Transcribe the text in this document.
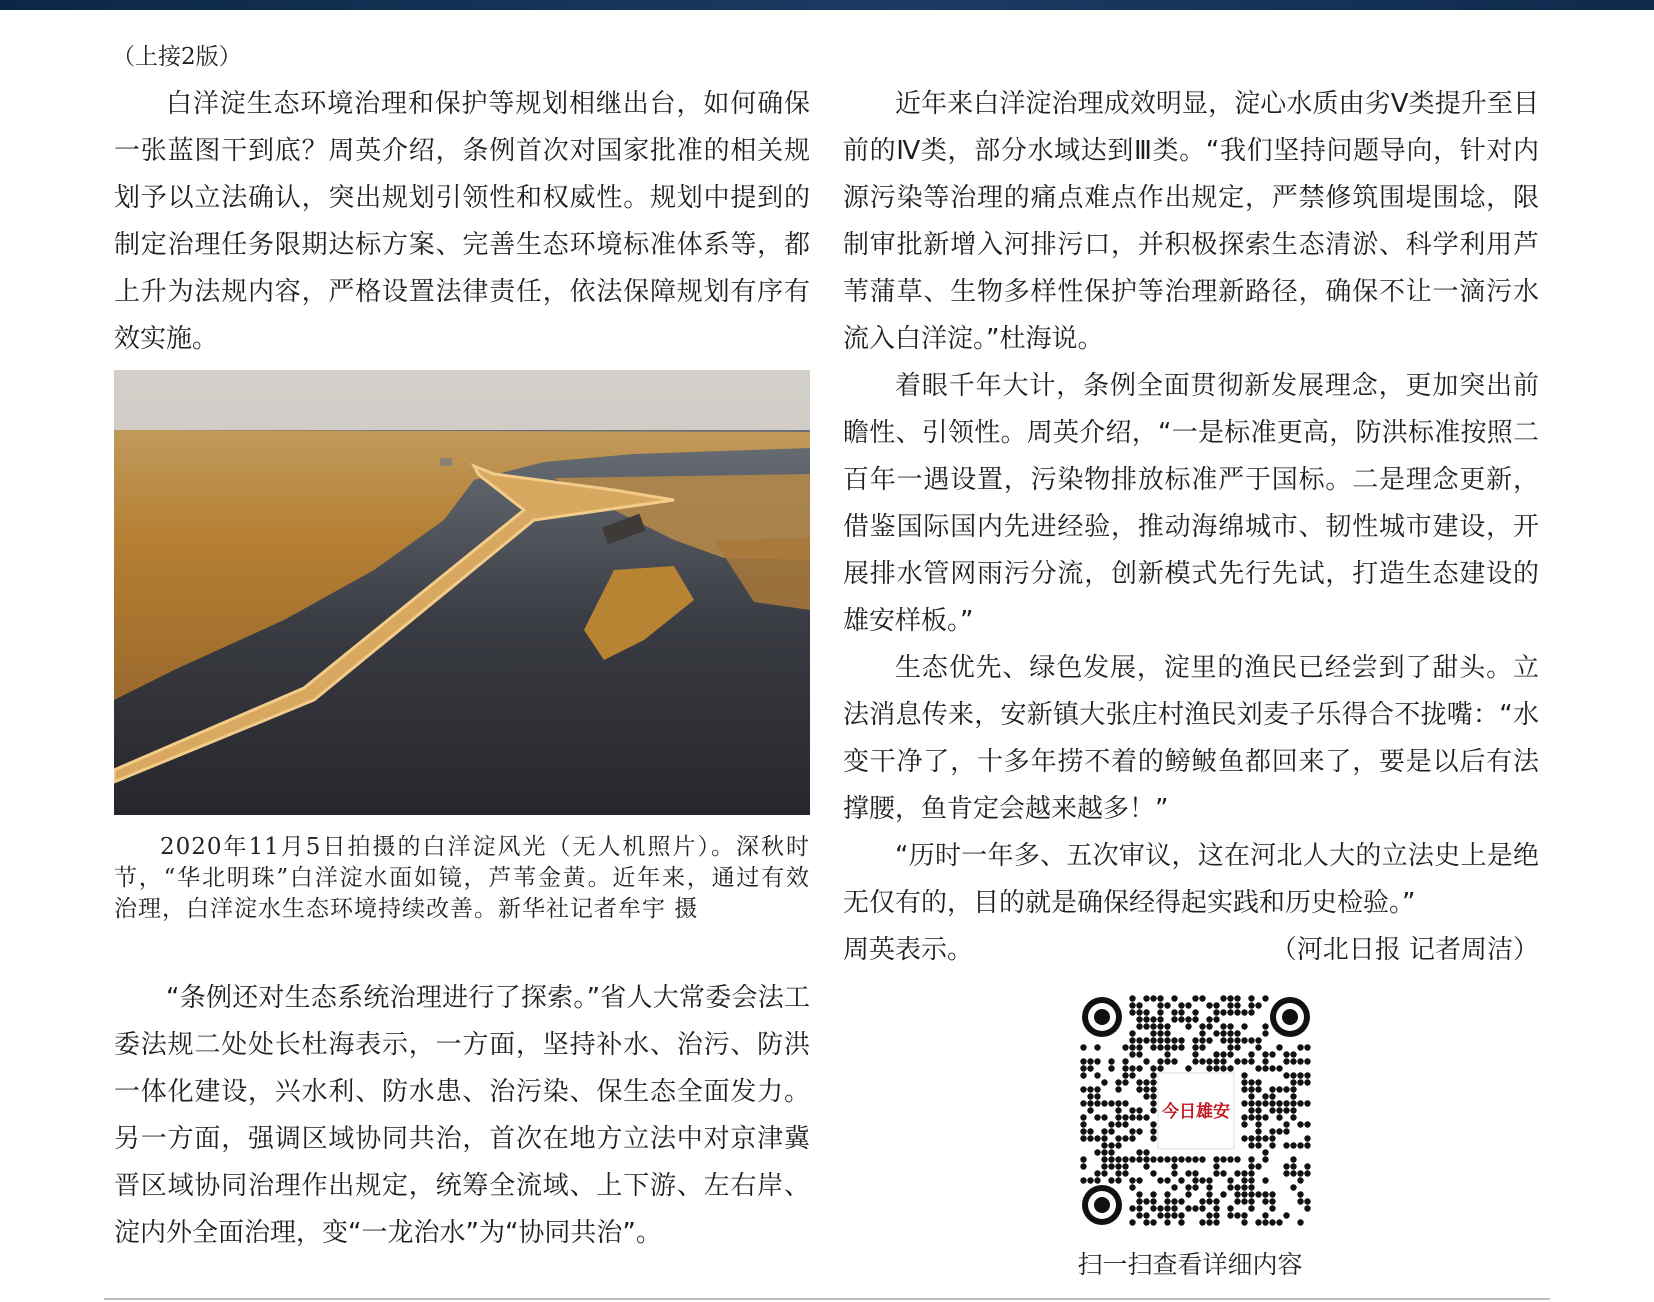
（上接2版）

白洋淀生态环境治理和保护等规划相继出台，如何确保一张蓝图干到底？周英介绍，条例首次对国家批准的相关规划予以立法确认，突出规划引领性和权威性。规划中提到的制定治理任务限期达标方案、完善生态环境标准体系等，都上升为法规内容，严格设置法律责任，依法保障规划有序有效实施。

2020年11月5日拍摄的白洋淀风光（无人机照片）。深秋时节，“华北明珠”白洋淀水面如镜，芦苇金黄。近年来，通过有效治理，白洋淀水生态环境持续改善。新华社记者牟宇 摄

“条例还对生态系统治理进行了探索。”省人大常委会法工委法规二处处长杜海表示，一方面，坚持补水、治污、防洪一体化建设，兴水利、防水患、治污染、保生态全面发力。另一方面，强调区域协同共治，首次在地方立法中对京津冀晋区域协同治理作出规定，统筹全流域、上下游、左右岸、淀内外全面治理，变“一龙治水”为“协同共治”。

近年来白洋淀治理成效明显，淀心水质由劣Ⅴ类提升至目前的Ⅳ类，部分水域达到Ⅲ类。“我们坚持问题导向，针对内源污染等治理的痛点难点作出规定，严禁修筑围堤围埝，限制审批新增入河排污口，并积极探索生态清淤、科学利用芦苇蒲草、生物多样性保护等治理新路径，确保不让一滴污水流入白洋淀。”杜海说。

着眼千年大计，条例全面贯彻新发展理念，更加突出前瞻性、引领性。周英介绍，“一是标准更高，防洪标准按照二百年一遇设置，污染物排放标准严于国标。二是理念更新，借鉴国际国内先进经验，推动海绵城市、韧性城市建设，开展排水管网雨污分流，创新模式先行先试，打造生态建设的雄安样板。”

生态优先、绿色发展，淀里的渔民已经尝到了甜头。立法消息传来，安新镇大张庄村渔民刘麦子乐得合不拢嘴：“水变干净了，十多年捞不着的鳑鲏鱼都回来了，要是以后有法撑腰，鱼肯定会越来越多！”

“历时一年多、五次审议，这在河北人大的立法史上是绝无仅有的，目的就是确保经得起实践和历史检验。”

周英表示。	（河北日报 记者周洁）
今日雄安
扫一扫查看详细内容
